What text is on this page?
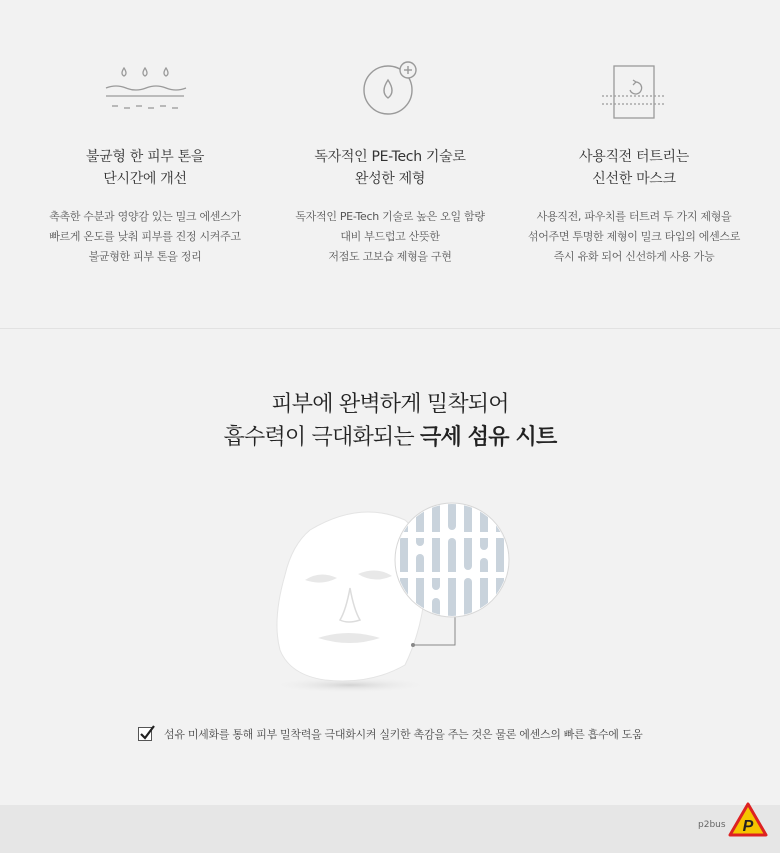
불균형 한 피부 톤을
단시간에 개선
촉촉한 수분과 영양감 있는 밀크 에센스가
빠르게 온도를 낮춰 피부를 진정 시켜주고
불균형한 피부 톤을 정리
독자적인 PE-Tech 기술로
완성한 제형
독자적인 PE-Tech 기술로 높은 오일 함량
대비 부드럽고 산뜻한
저점도 고보습 제형을 구현
사용직전 터트리는
신선한 마스크
사용직전, 파우치를 터트려 두 가지 제형을
섞어주면 투명한 제형이 밀크 타입의 에센스로
즉시 유화 되어 신선하게 사용 가능
피부에 완벽하게 밀착되어
흡수력이 극대화되는 극세 섬유 시트
섬유 미세화를 통해 피부 밀착력을 극대화시켜 실키한 촉감을 주는 것은 물론 에센스의 빠른 흡수에 도움
p2bus P
